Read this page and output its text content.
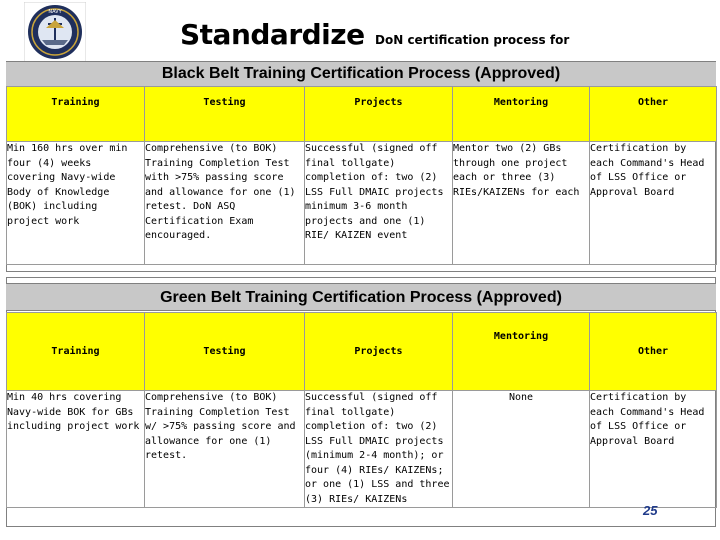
NAVY
Standardize DoN certification process for
Black Belt Training Certification Process (Approved)
Training	Testing	Projects	Mentoring	Other
Min 160 hrs over min four (4) weeks covering Navy-wide Body of Knowledge (BOK) including project work	Comprehensive (to BOK) Training Completion Test with >75% passing score and allowance for one (1) retest. DoN ASQ Certification Exam encouraged.	Successful (signed off final tollgate) completion of: two (2) LSS Full DMAIC projects minimum 3-6 month projects and one (1) RIE/ KAIZEN event	Mentor two (2) GBs through one project each or three (3) RIEs/KAIZENs for each	Certification by each Command's Head of LSS Office or Approval Board
Green Belt Training Certification Process (Approved)
Training	Testing	Projects	Mentoring	Other
Min 40 hrs covering Navy-wide BOK for GBs including project work	Comprehensive (to BOK) Training Completion Test w/ >75% passing score and allowance for one (1) retest.	Successful (signed off final tollgate) completion of: two (2) LSS Full DMAIC projects (minimum 2-4 month); or four (4) RIEs/ KAIZENs; or one (1) LSS and three (3) RIEs/ KAIZENs	None	Certification by each Command's Head of LSS Office or Approval Board
25
